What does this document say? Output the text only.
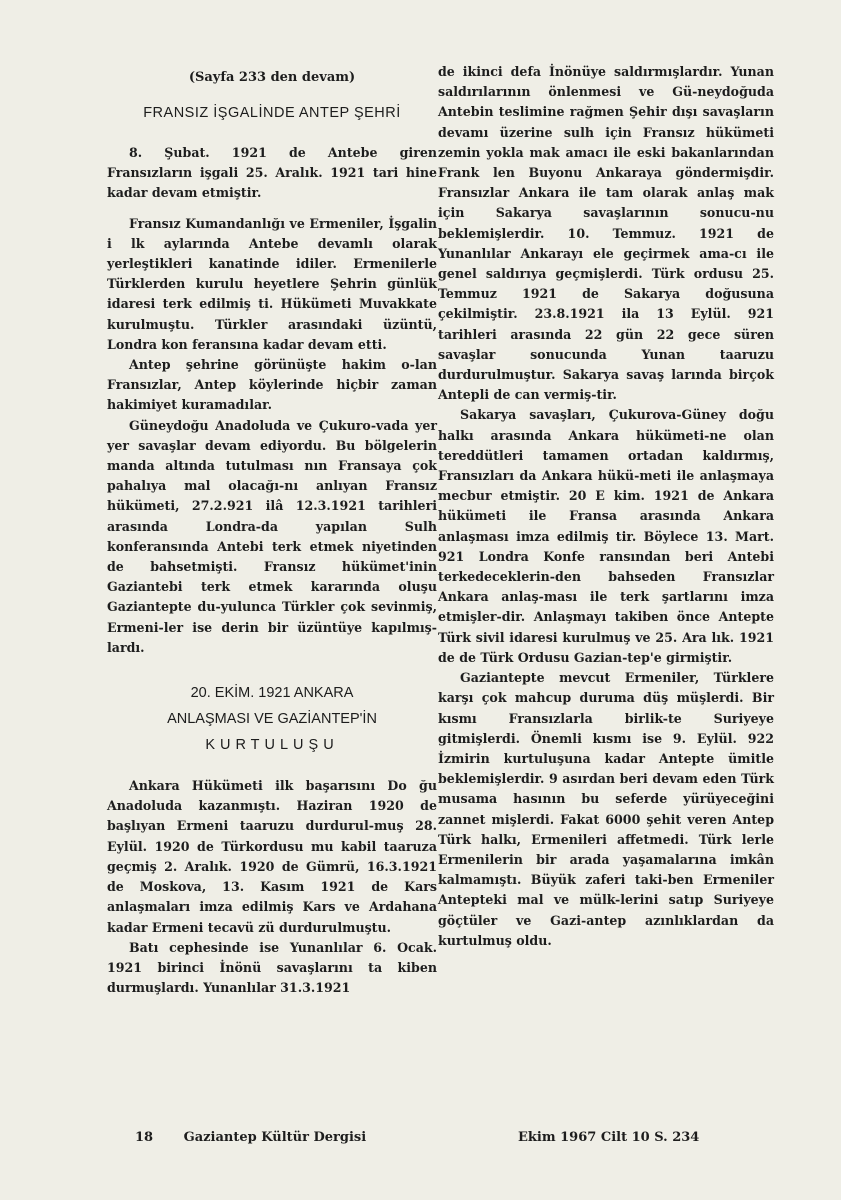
(Sayfa 233 den devam)
FRANSIZ İŞGALİNDE ANTEP ŞEHRİ

8. Şubat. 1921 de Antebe giren Fransızların işgali 25. Aralık. 1921 tari hine kadar devam etmiştir.

Fransız Kumandanlığı ve Ermeniler, İşgalin i lk aylarında Antebe devamlı olarak yerleştikleri kanatinde idiler. Ermenilerle Türklerden kurulu heyetlere Şehrin günlük idaresi terk edilmiş ti. Hükümeti Muvakkate kurulmuştu. Türkler arasındaki üzüntü, Londra kon feransına kadar devam etti.

Antep şehrine görünüşte hakim o-lan Fransızlar, Antep köylerinde hiçbir zaman hakimiyet kuramadılar.

Güneydoğu Anadoluda ve Çukuro-vada yer yer savaşlar devam ediyordu. Bu bölgelerin manda altında tutulması nın Fransaya çok pahalıya mal olacağı-nı anlıyan Fransız hükümeti, 27.2.921 ilâ 12.3.1921 tarihleri arasında Londra-da yapılan Sulh konferansında Antebi terk etmek niyetinden de bahsetmişti. Fransız hükümet'inin Gaziantebi terk etmek kararında oluşu Gaziantepte du-yulunca Türkler çok sevinmiş, Ermeni-ler ise derin bir üzüntüye kapılmış-lardı.

20. EKİM. 1921 ANKARA
ANLAŞMASI VE GAZİANTEP'İN
KURTULUŞU

Ankara Hükümeti ilk başarısını Do ğu Anadoluda kazanmıştı. Haziran 1920 de başlıyan Ermeni taaruzu durdurul-muş 28. Eylül. 1920 de Türkordusu mu kabil taaruza geçmiş 2. Aralık. 1920 de Gümrü, 16.3.1921 de Moskova, 13. Kasım 1921 de Kars anlaşmaları imza edilmiş Kars ve Ardahana kadar Ermeni tecavü zü durdurulmuştu.

Batı cephesinde ise Yunanlılar 6. Ocak. 1921 birinci İnönü savaşlarını ta kiben durmuşlardı. Yunanlılar 31.3.1921

de ikinci defa İnönüye saldırmışlardır. Yunan saldırılarının önlenmesi ve Gü-neydoğuda Antebin teslimine rağmen Şehir dışı savaşların devamı üzerine sulh için Fransız hükümeti zemin yokla mak amacı ile eski bakanlarından Frank len Buyonu Ankaraya göndermişdir. Fransızlar Ankara ile tam olarak anlaş mak için Sakarya savaşlarının sonucu-nu beklemişlerdir. 10. Temmuz. 1921 de Yunanlılar Ankarayı ele geçirmek ama-cı ile genel saldırıya geçmişlerdi. Türk ordusu 25. Temmuz 1921 de Sakarya doğusuna çekilmiştir. 23.8.1921 ila 13 Eylül. 921 tarihleri arasında 22 gün 22 gece süren savaşlar sonucunda Yunan taaruzu durdurulmuştur. Sakarya savaş larında birçok Antepli de can vermiş-tir.

Sakarya savaşları, Çukurova-Güney doğu halkı arasında Ankara hükümeti-ne olan tereddütleri tamamen ortadan kaldırmış, Fransızları da Ankara hükü-meti ile anlaşmaya mecbur etmiştir. 20 E kim. 1921 de Ankara hükümeti ile Fransa arasında Ankara anlaşması imza edilmiş tir. Böylece 13. Mart. 921 Londra Konfe ransından beri Antebi terkedeceklerin-den bahseden Fransızlar Ankara anlaş-ması ile terk şartlarını imza etmişler-dir. Anlaşmayı takiben önce Antepte Türk sivil idaresi kurulmuş ve 25. Ara lık. 1921 de de Türk Ordusu Gazian-tep'e girmiştir.

Gaziantepte mevcut Ermeniler, Türklere karşı çok mahcup duruma düş müşlerdi. Bir kısmı Fransızlarla birlik-te Suriyeye gitmişlerdi. Önemli kısmı ise 9. Eylül. 922 İzmirin kurtuluşuna kadar Antepte ümitle beklemişlerdir. 9 asırdan beri devam eden Türk musama hasının bu seferde yürüyeceğini zannet mişlerdi. Fakat 6000 şehit veren Antep Türk halkı, Ermenileri affetmedi. Türk lerle Ermenilerin bir arada yaşamalarına imkân kalmamıştı. Büyük zaferi taki-ben Ermeniler Antepteki mal ve mülk-lerini satıp Suriyeye göçtüler ve Gazi-antep azınlıklardan da kurtulmuş oldu.

18 Gaziantep Kültür Dergisi	Ekim 1967 Cilt 10 S. 234
